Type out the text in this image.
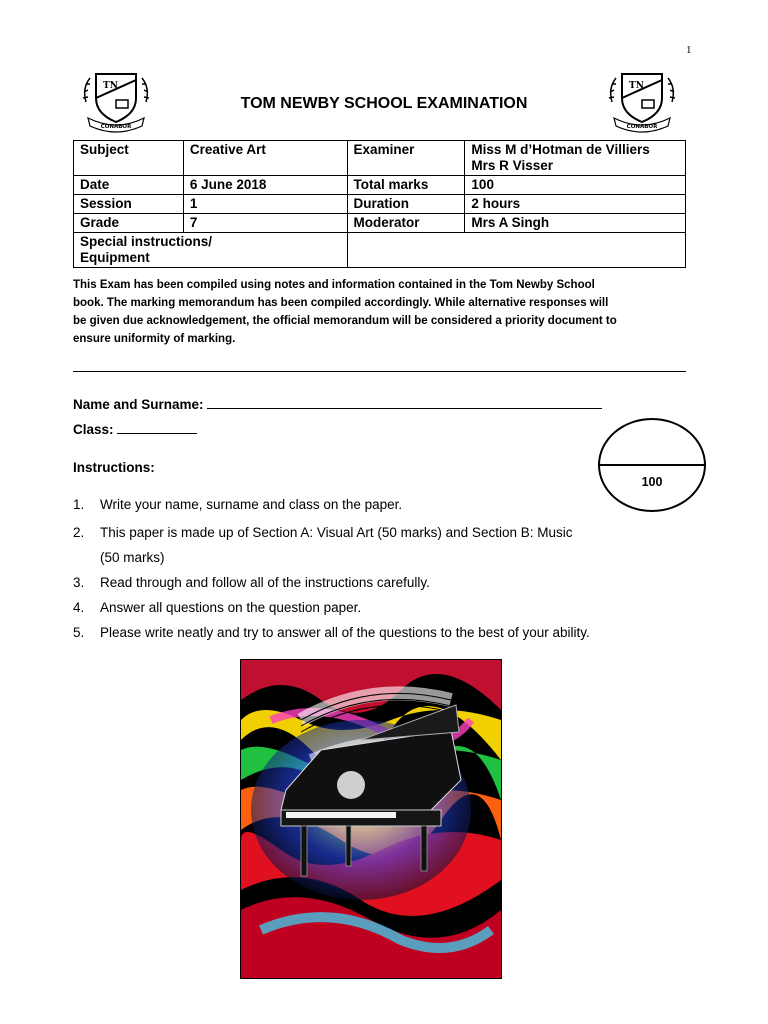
1
TN
CONABOR
TN
CONABOR
TOM NEWBY SCHOOL EXAMINATION
Subject	Creative Art	Examiner	Miss M d’Hotman de Villiers
Mrs R Visser

Date	6 June 2018	Total marks	100
Session	1	Duration	2 hours
Grade	7	Moderator	Mrs A Singh

Special instructions/
Equipment			

This Exam has been compiled using notes and information contained in the Tom Newby School
book. The marking memorandum has been compiled accordingly. While alternative responses will
be given due acknowledgement, the official memorandum will be considered a priority document to
ensure uniformity of marking.
Name and Surname:
Class:
100
Instructions:
1. Write your name, surname and class on the paper.
2. This paper is made up of Section A: Visual Art (50 marks) and Section B: Music
(50 marks)
3. Read through and follow all of the instructions carefully.
4. Answer all questions on the question paper.
5. Please write neatly and try to answer all of the questions to the best of your ability.
